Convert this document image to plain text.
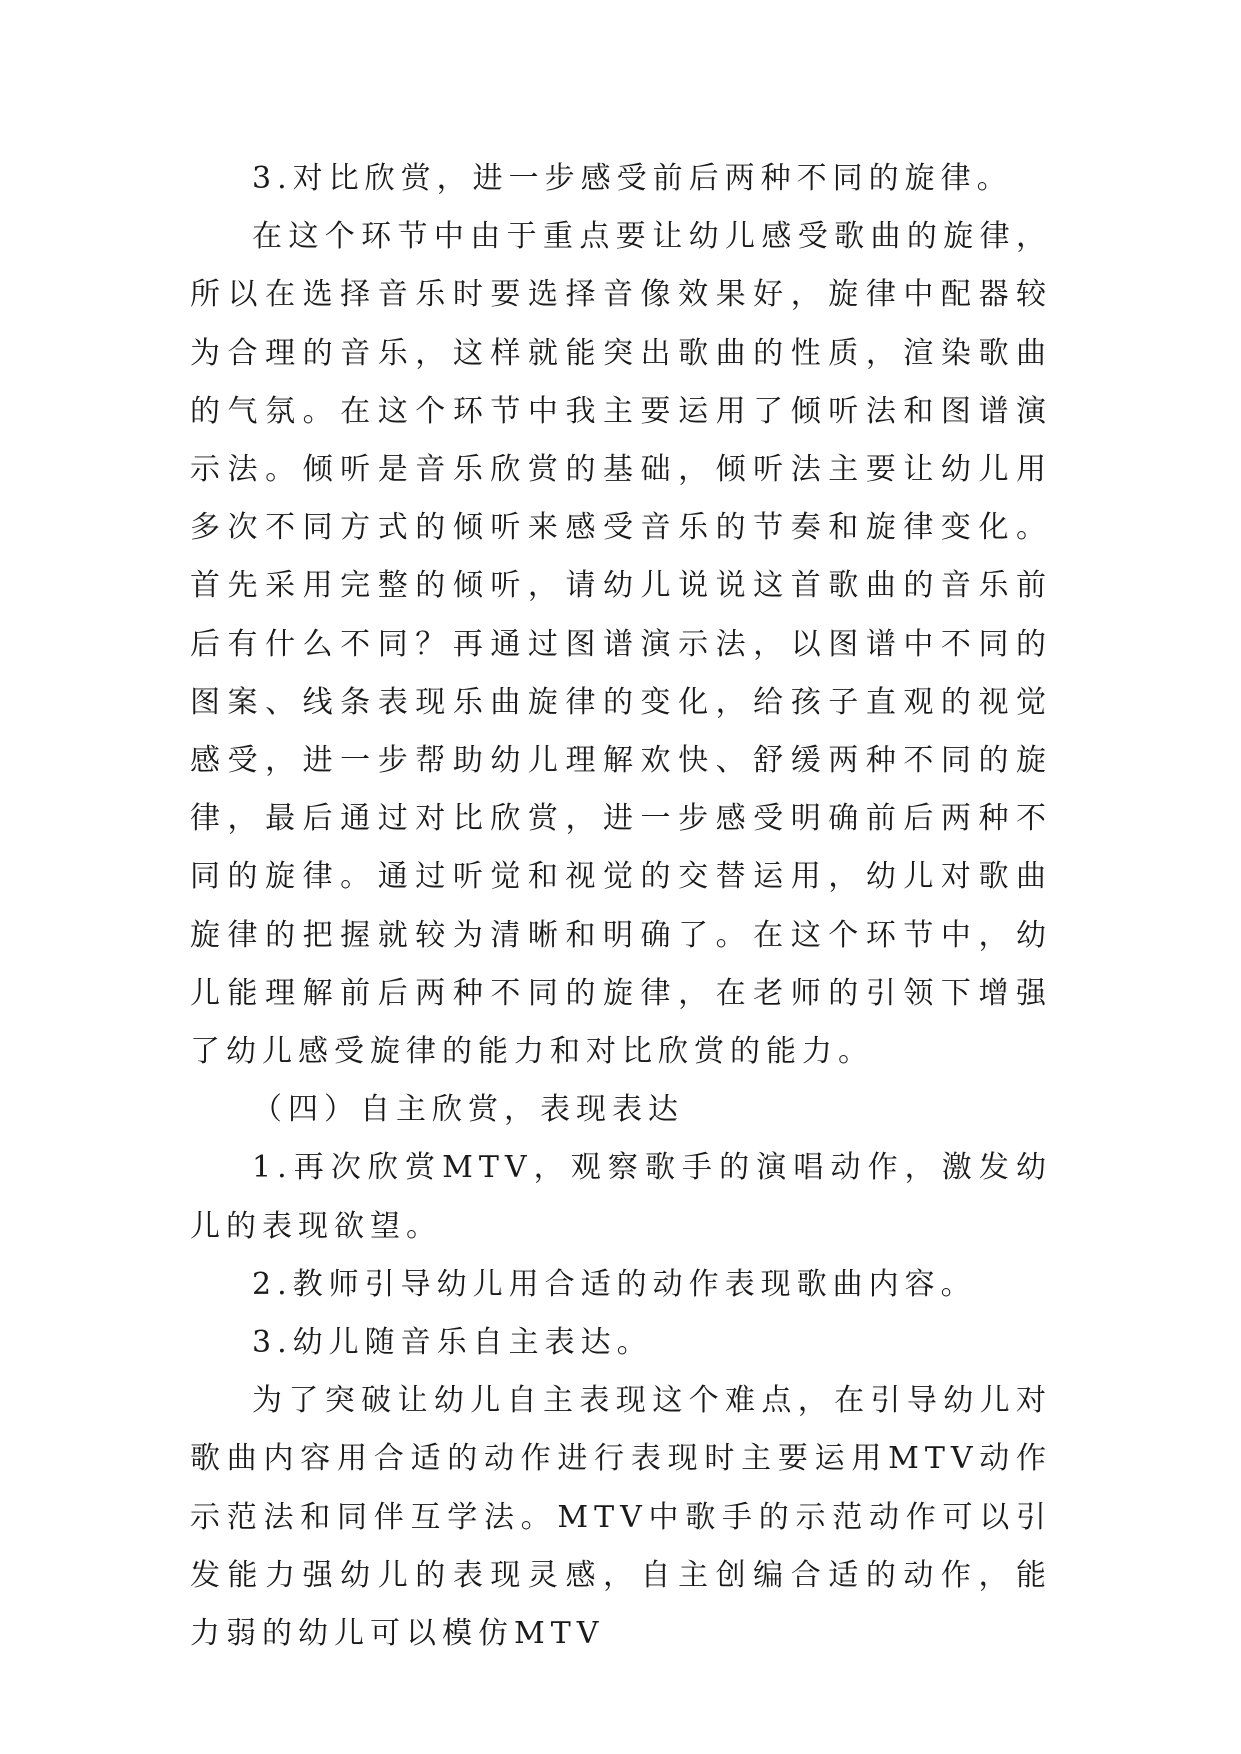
3.对比欣赏，进一步感受前后两种不同的旋律。

在这个环节中由于重点要让幼儿感受歌曲的旋律，所以在选择音乐时要选择音像效果好，旋律中配器较为合理的音乐，这样就能突出歌曲的性质，渲染歌曲的气氛。在这个环节中我主要运用了倾听法和图谱演示法。倾听是音乐欣赏的基础，倾听法主要让幼儿用多次不同方式的倾听来感受音乐的节奏和旋律变化。首先采用完整的倾听，请幼儿说说这首歌曲的音乐前后有什么不同？再通过图谱演示法，以图谱中不同的图案、线条表现乐曲旋律的变化，给孩子直观的视觉感受，进一步帮助幼儿理解欢快、舒缓两种不同的旋律，最后通过对比欣赏，进一步感受明确前后两种不同的旋律。通过听觉和视觉的交替运用，幼儿对歌曲旋律的把握就较为清晰和明确了。在这个环节中，幼儿能理解前后两种不同的旋律，在老师的引领下增强了幼儿感受旋律的能力和对比欣赏的能力。

（四）自主欣赏，表现表达

1.再次欣赏MTV，观察歌手的演唱动作，激发幼儿的表现欲望。

2.教师引导幼儿用合适的动作表现歌曲内容。

3.幼儿随音乐自主表达。

为了突破让幼儿自主表现这个难点，在引导幼儿对歌曲内容用合适的动作进行表现时主要运用MTV动作示范法和同伴互学法。MTV中歌手的示范动作可以引发能力强幼儿的表现灵感，自主创编合适的动作，能力弱的幼儿可以模仿MTV
